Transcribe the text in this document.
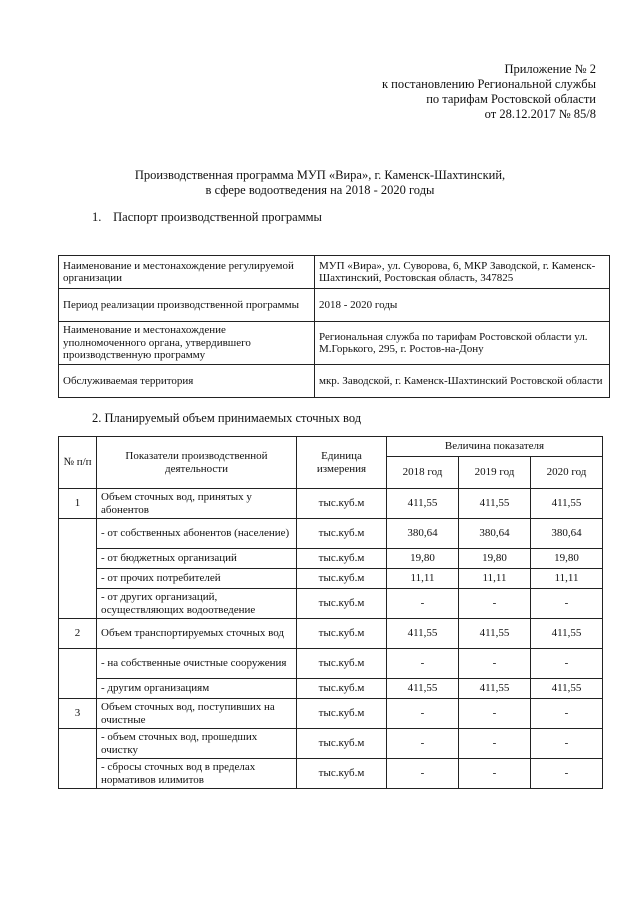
Приложение № 2
к постановлению Региональной службы
по тарифам Ростовской области
от 28.12.2017 № 85/8
Производственная программа МУП «Вира», г. Каменск-Шахтинский,
в сфере водоотведения на 2018 - 2020 годы
1. Паспорт производственной программы
Наименование и местонахождение регулируемой организации	МУП «Вира», ул. Суворова, 6, МКР Заводской, г. Каменск-Шахтинский, Ростовская область, 347825
Период реализации производственной программы	2018 - 2020 годы
Наименование и местонахождение уполномоченного органа, утвердившего производственную программу	Региональная служба по тарифам Ростовской области ул. М.Горького, 295, г. Ростов-на-Дону
Обслуживаемая территория	мкр. Заводской, г. Каменск-Шахтинский Ростовской области
2. Планируемый объем принимаемых сточных вод
№ п/п	Показатели производственной деятельности	Единица измерения	Величина показателя		
			2018 год	2019 год	2020 год
1	Объем сточных вод, принятых у абонентов	тыс.куб.м	411,55	411,55	411,55
	- от собственных абонентов (население)	тыс.куб.м	380,64	380,64	380,64
	- от бюджетных организаций	тыс.куб.м	19,80	19,80	19,80
	- от прочих потребителей	тыс.куб.м	11,11	11,11	11,11
	- от других организаций, осуществляющих водоотведение	тыс.куб.м	-	-	-
2	Объем транспортируемых сточных вод	тыс.куб.м	411,55	411,55	411,55
	- на собственные очистные сооружения	тыс.куб.м	-	-	-
	- другим организациям	тыс.куб.м	411,55	411,55	411,55
3	Объем сточных вод, поступивших на очистные	тыс.куб.м	-	-	-
	- объем сточных вод, прошедших очистку	тыс.куб.м	-	-	-
	- сбросы сточных вод в пределах нормативов илимитов	тыс.куб.м	-	-	-
